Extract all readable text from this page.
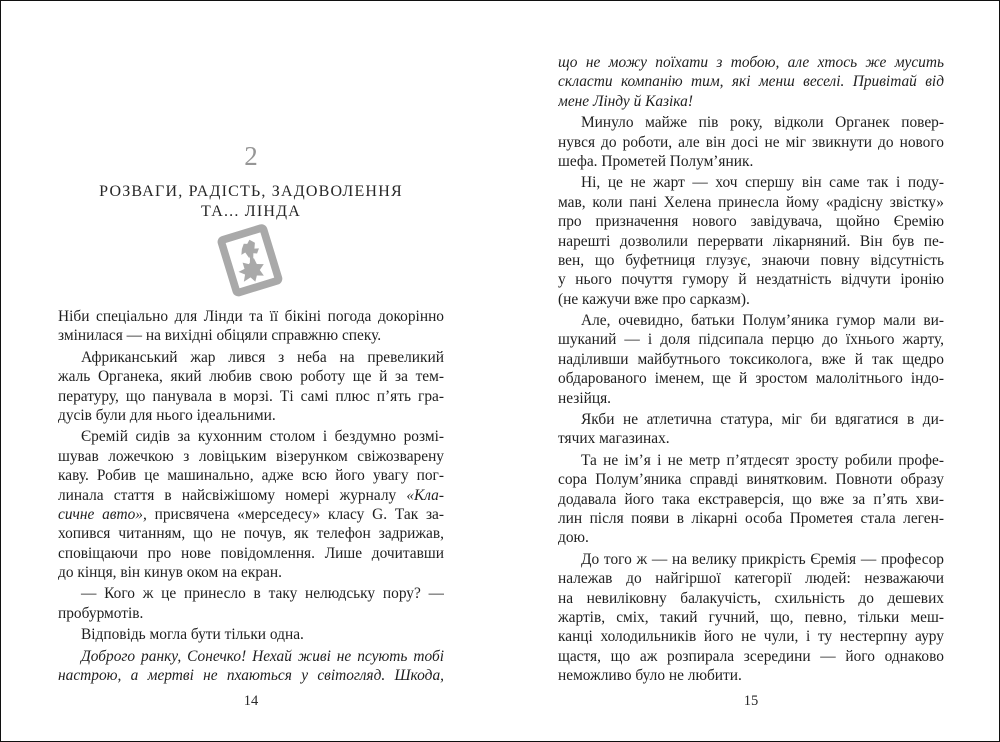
2
РОЗВАГИ, РАДІСТЬ, ЗАДОВОЛЕННЯ
ТА... ЛІНДА
Ніби спеціально для Лінди та її бікіні погода докорінно
змінилася — на вихідні обіцяли справжню спеку.
Африканський жар лився з неба на превеликий
жаль Органека, який любив свою роботу ще й за тем-
пературу, що панувала в морзі. Ті самі плюс п’ять гра-
дусів були для нього ідеальними.
Єремій сидів за кухонним столом і бездумно розмі-
шував ложечкою з ловіцьким візерунком свіжозварену
каву. Робив це машинально, адже всю його увагу пог-
линала стаття в найсвіжішому номері журналу «Кла-
сичне авто», присвячена «мерседесу» класу G. Так за-
хопився читанням, що не почув, як телефон задрижав,
сповіщаючи про нове повідомлення. Лише дочитавши
до кінця, він кинув оком на екран.
— Кого ж це принесло в таку нелюдську пору? —
пробурмотів.
Відповідь могла бути тільки одна.
Доброго ранку, Сонечко! Нехай живі не псують тобі
настрою, а мертві не пхаються у світогляд. Шкода,
14
що не можу поїхати з тобою, але хтось же мусить
скласти компанію тим, які менш веселі. Привітай від
мене Лінду й Казіка!
Минуло майже пів року, відколи Органек повер-
нувся до роботи, але він досі не міг звикнути до нового
шефа. Прометей Полум’яник.
Ні, це не жарт — хоч спершу він саме так і поду-
мав, коли пані Хелена принесла йому «радісну звістку»
про призначення нового завідувача, щойно Єремію
нарешті дозволили перервати лікарняний. Він був пе-
вен, що буфетниця глузує, знаючи повну відсутність
у нього почуття гумору й нездатність відчути іронію
(не кажучи вже про сарказм).
Але, очевидно, батьки Полум’яника гумор мали ви-
шуканий — і доля підсипала перцю до їхнього жарту,
наділивши майбутнього токсиколога, вже й так щедро
обдарованого іменем, ще й зростом малолітнього індо-
незійця.
Якби не атлетична статура, міг би вдягатися в ди-
тячих магазинах.
Та не ім’я і не метр п’ятдесят зросту робили профе-
сора Полум’яника справді винятковим. Повноти образу
додавала його така екстраверсія, що вже за п’ять хви-
лин після появи в лікарні особа Прометея стала леген-
дою.
До того ж — на велику прикрість Єремія — професор
належав до найгіршої категорії людей: незважаючи
на невиліковну балакучість, схильність до дешевих
жартів, сміх, такий гучний, що, певно, тільки меш-
канці холодильників його не чули, і ту нестерпну ауру
щастя, що аж розпирала зсередини — його однаково
неможливо було не любити.
15
